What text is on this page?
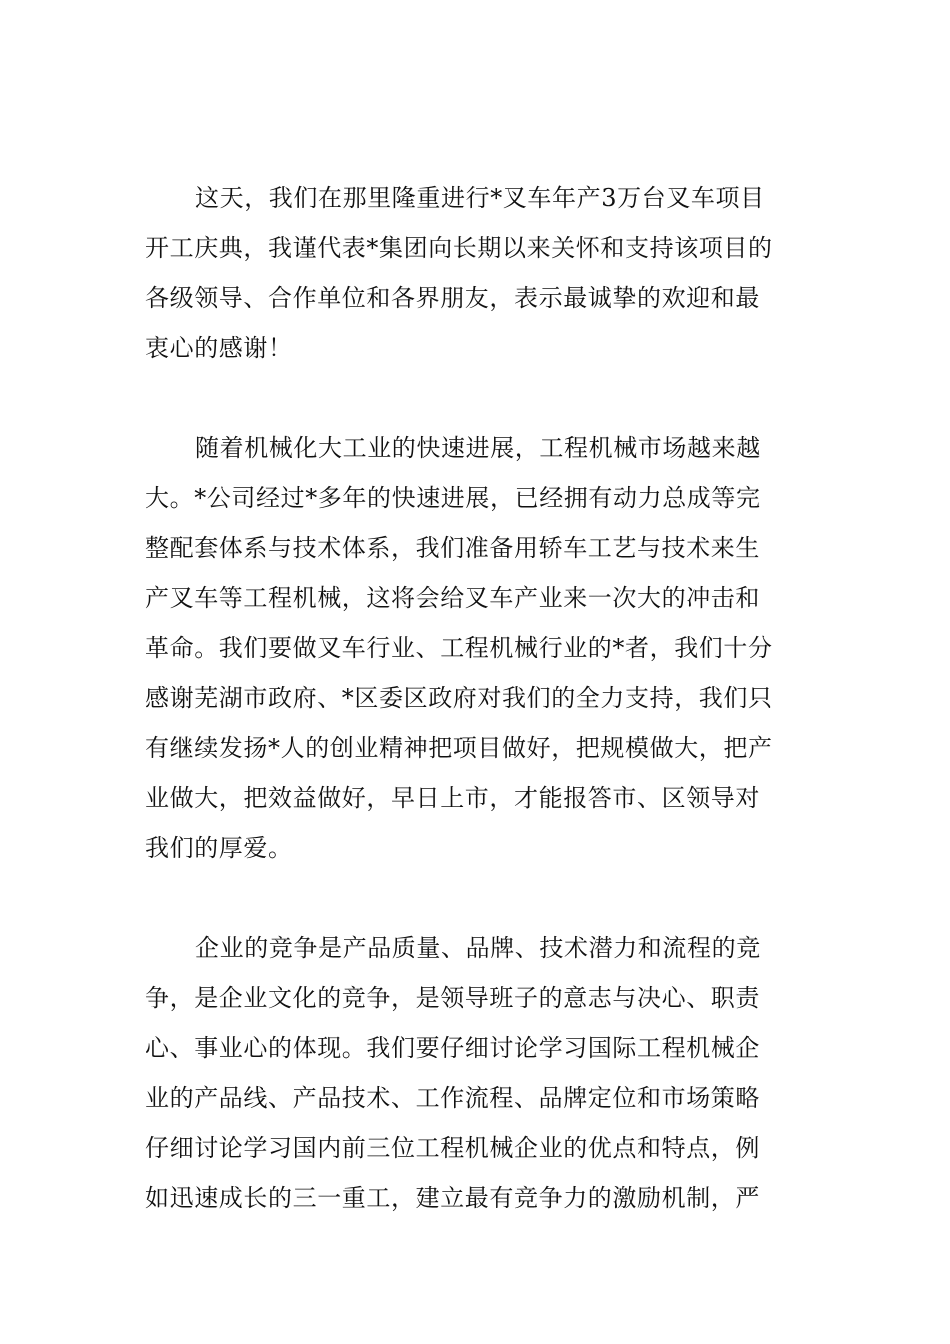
这天，我们在那里隆重进行*叉车年产3万台叉车项目
开工庆典，我谨代表*集团向长期以来关怀和支持该项目的
各级领导、合作单位和各界朋友，表示最诚挚的欢迎和最
衷心的感谢！
随着机械化大工业的快速进展，工程机械市场越来越
大。*公司经过*多年的快速进展，已经拥有动力总成等完
整配套体系与技术体系，我们准备用轿车工艺与技术来生
产叉车等工程机械，这将会给叉车产业来一次大的冲击和
革命。我们要做叉车行业、工程机械行业的*者，我们十分
感谢芜湖市政府、*区委区政府对我们的全力支持，我们只
有继续发扬*人的创业精神把项目做好，把规模做大，把产
业做大，把效益做好，早日上市，才能报答市、区领导对
我们的厚爱。
企业的竞争是产品质量、品牌、技术潜力和流程的竞
争，是企业文化的竞争，是领导班子的意志与决心、职责
心、事业心的体现。我们要仔细讨论学习国际工程机械企
业的产品线、产品技术、工作流程、品牌定位和市场策略
仔细讨论学习国内前三位工程机械企业的优点和特点，例
如迅速成长的三一重工，建立最有竞争力的激励机制，严
